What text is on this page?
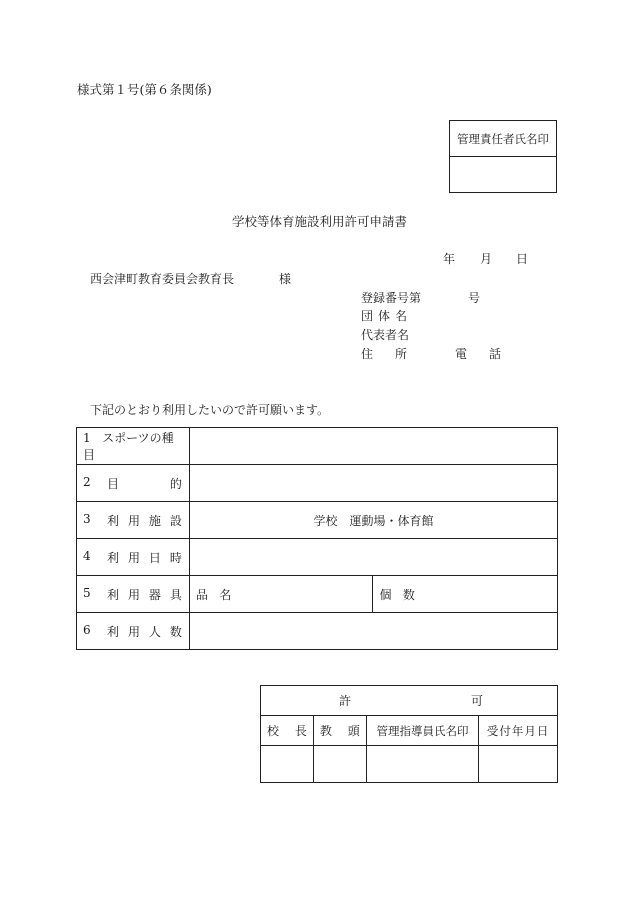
様式第１号(第６条関係)
管理責任者氏名印

学校等体育施設利用許可申請書
年 月 日
西会津町教育委員会教育長	様
登録番号第	号
団 体 名
代表者名
住 所	電 話
下記のとおり利用したいので許可願います。
1 スポーツの種目		

2 目 的		

3 利 用 施 設	学校　運動場・体育館	

4 利 用 日 時		

5 利 用 器 具	品 名	個 数

6 利 用 人 数		

許 可			

校 長	教 頭	管理指導員氏名印	受付年月日
